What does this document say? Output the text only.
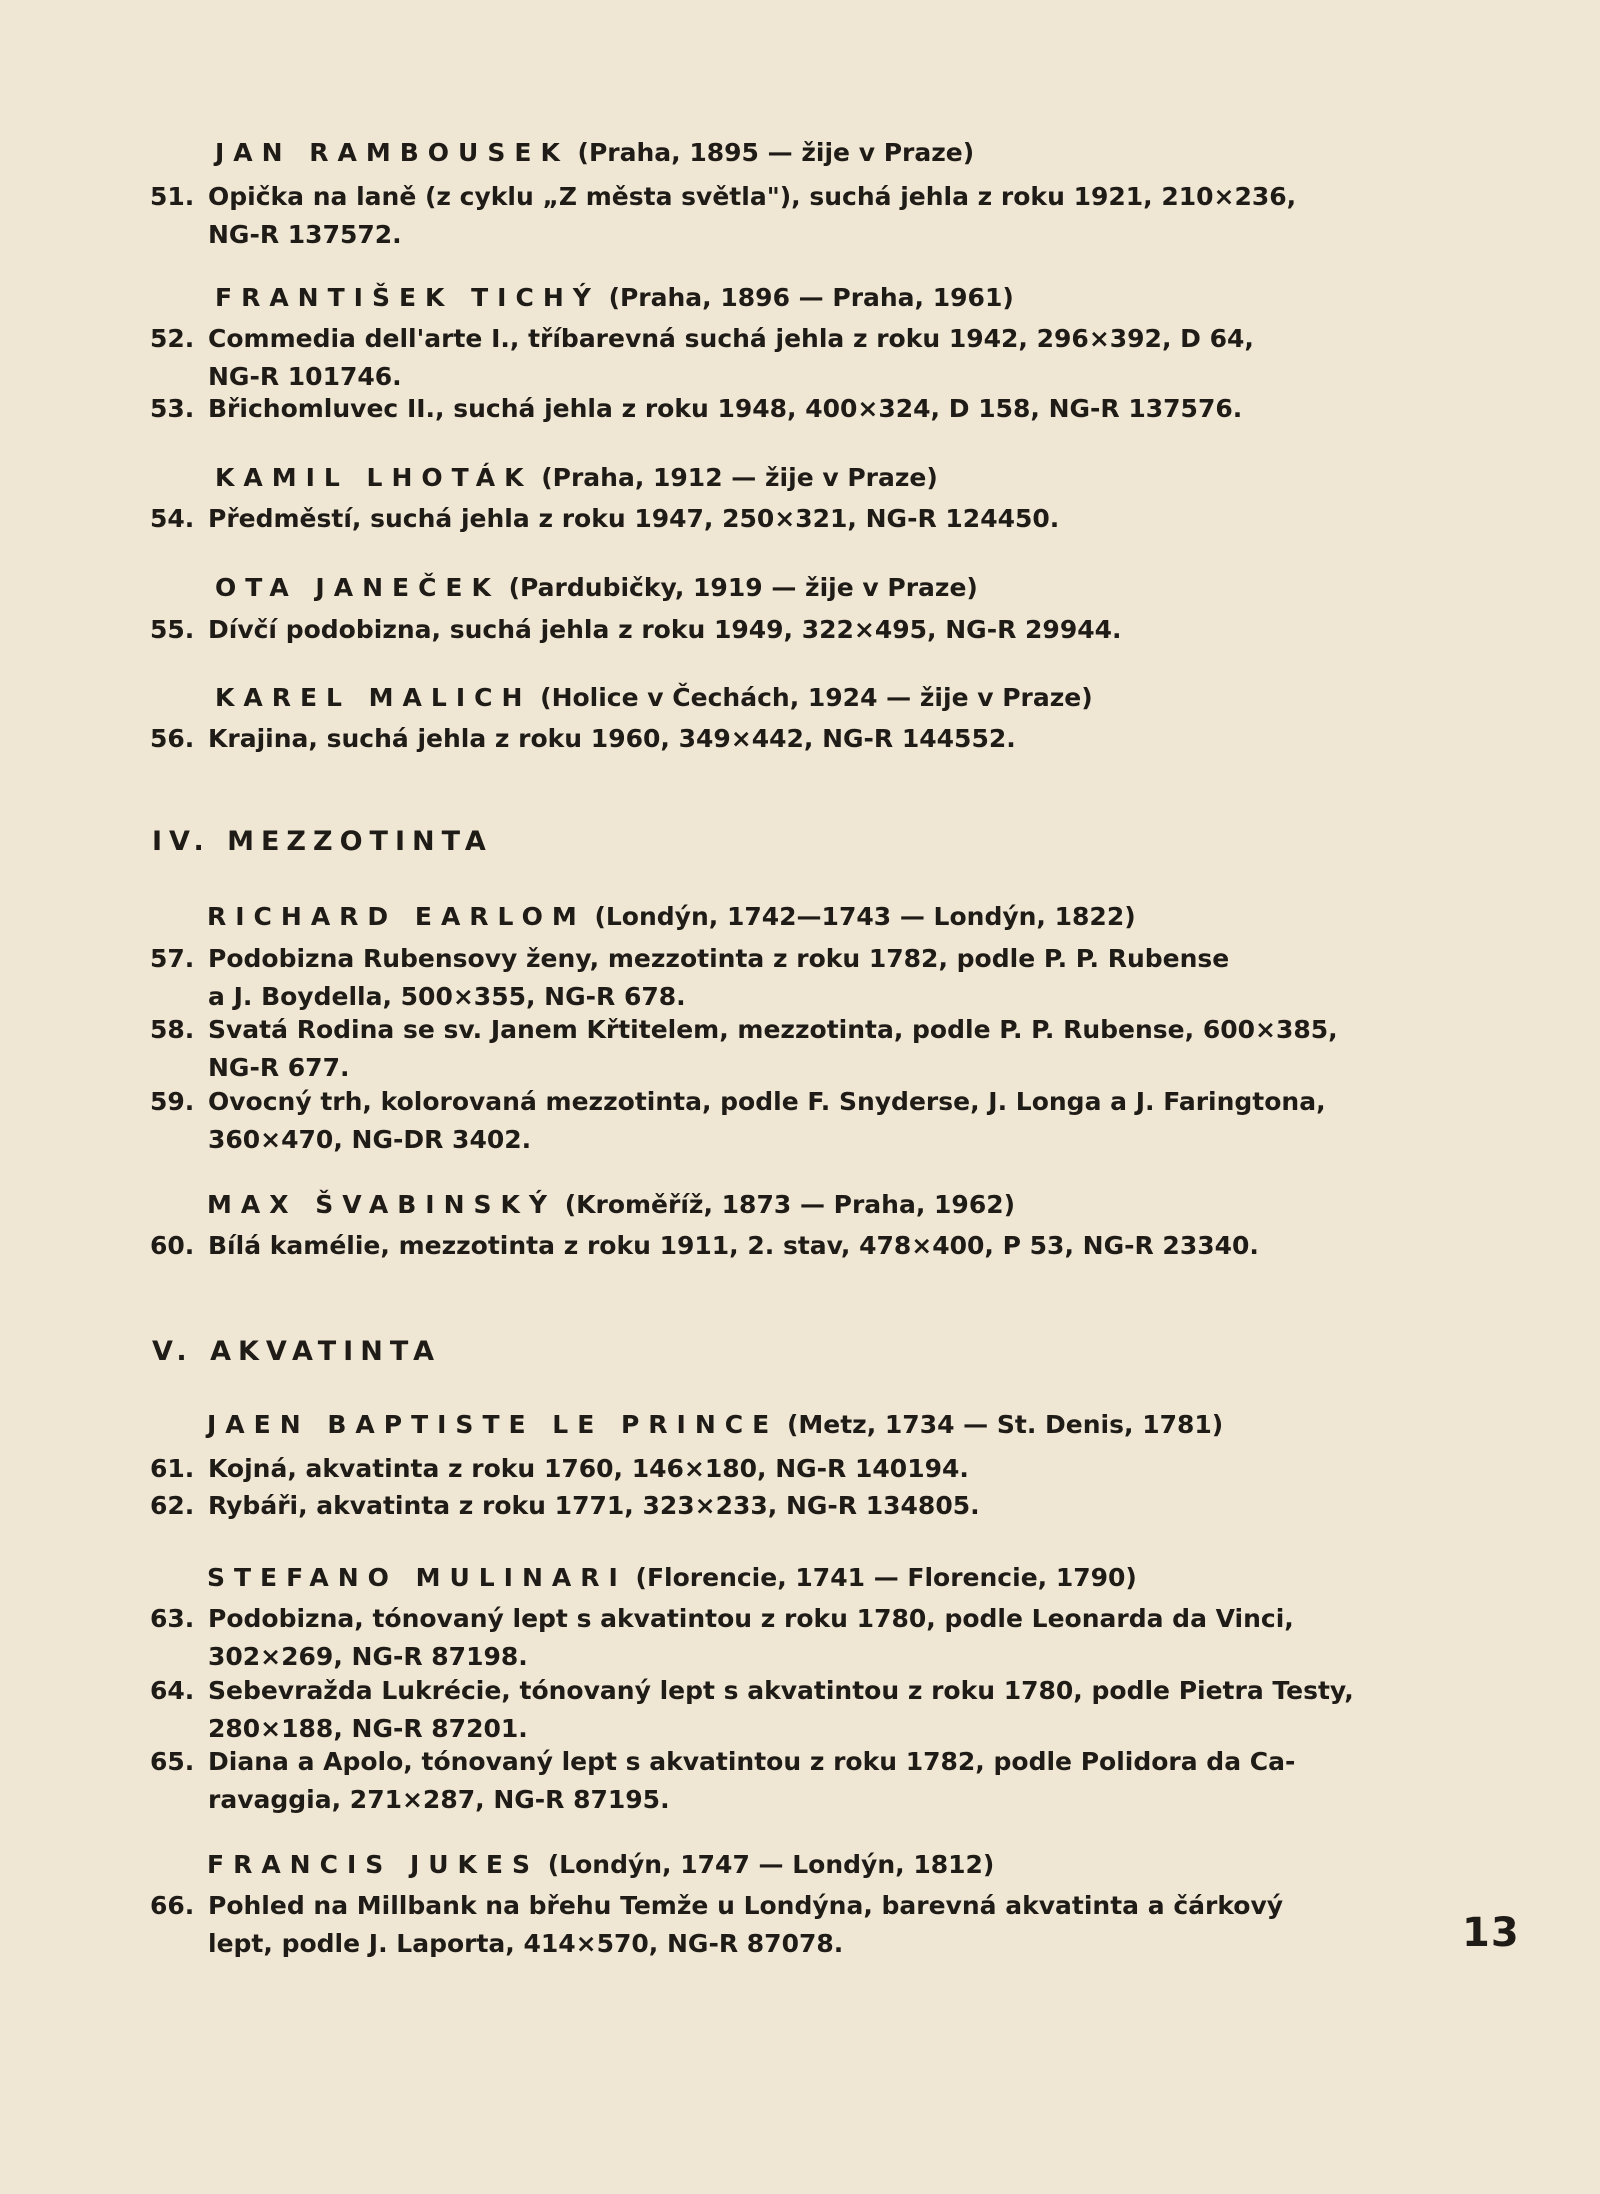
JAN RAMBOUSEK (Praha, 1895 — žije v Praze)
51. Opička na laně (z cyklu „Z města světla"), suchá jehla z roku 1921, 210×236,
NG-R 137572.
FRANTIŠEK TICHÝ (Praha, 1896 — Praha, 1961)
52. Commedia dell'arte I., tříbarevná suchá jehla z roku 1942, 296×392, D 64,
NG-R 101746.
53. Břichomluvec II., suchá jehla z roku 1948, 400×324, D 158, NG-R 137576.
KAMIL LHOTÁK (Praha, 1912 — žije v Praze)
54. Předměstí, suchá jehla z roku 1947, 250×321, NG-R 124450.
OTA JANEČEK (Pardubičky, 1919 — žije v Praze)
55. Dívčí podobizna, suchá jehla z roku 1949, 322×495, NG-R 29944.
KAREL MALICH (Holice v Čechách, 1924 — žije v Praze)
56. Krajina, suchá jehla z roku 1960, 349×442, NG-R 144552.
IV. MEZZOTINTA
RICHARD EARLOM (Londýn, 1742—1743 — Londýn, 1822)
57. Podobizna Rubensovy ženy, mezzotinta z roku 1782, podle P. P. Rubense
a J. Boydella, 500×355, NG-R 678.
58. Svatá Rodina se sv. Janem Křtitelem, mezzotinta, podle P. P. Rubense, 600×385,
NG-R 677.
59. Ovocný trh, kolorovaná mezzotinta, podle F. Snyderse, J. Longa a J. Faringtona,
360×470, NG-DR 3402.
MAX ŠVABINSKÝ (Kroměříž, 1873 — Praha, 1962)
60. Bílá kamélie, mezzotinta z roku 1911, 2. stav, 478×400, P 53, NG-R 23340.
V. AKVATINTA
JAEN BAPTISTE LE PRINCE (Metz, 1734 — St. Denis, 1781)
61. Kojná, akvatinta z roku 1760, 146×180, NG-R 140194.
62. Rybáři, akvatinta z roku 1771, 323×233, NG-R 134805.
STEFANO MULINARI (Florencie, 1741 — Florencie, 1790)
63. Podobizna, tónovaný lept s akvatintou z roku 1780, podle Leonarda da Vinci,
302×269, NG-R 87198.
64. Sebevražda Lukrécie, tónovaný lept s akvatintou z roku 1780, podle Pietra Testy,
280×188, NG-R 87201.
65. Diana a Apolo, tónovaný lept s akvatintou z roku 1782, podle Polidora da Ca-
ravaggia, 271×287, NG-R 87195.
FRANCIS JUKES (Londýn, 1747 — Londýn, 1812)
66. Pohled na Millbank na břehu Temže u Londýna, barevná akvatinta a čárkový
lept, podle J. Laporta, 414×570, NG-R 87078.	13
